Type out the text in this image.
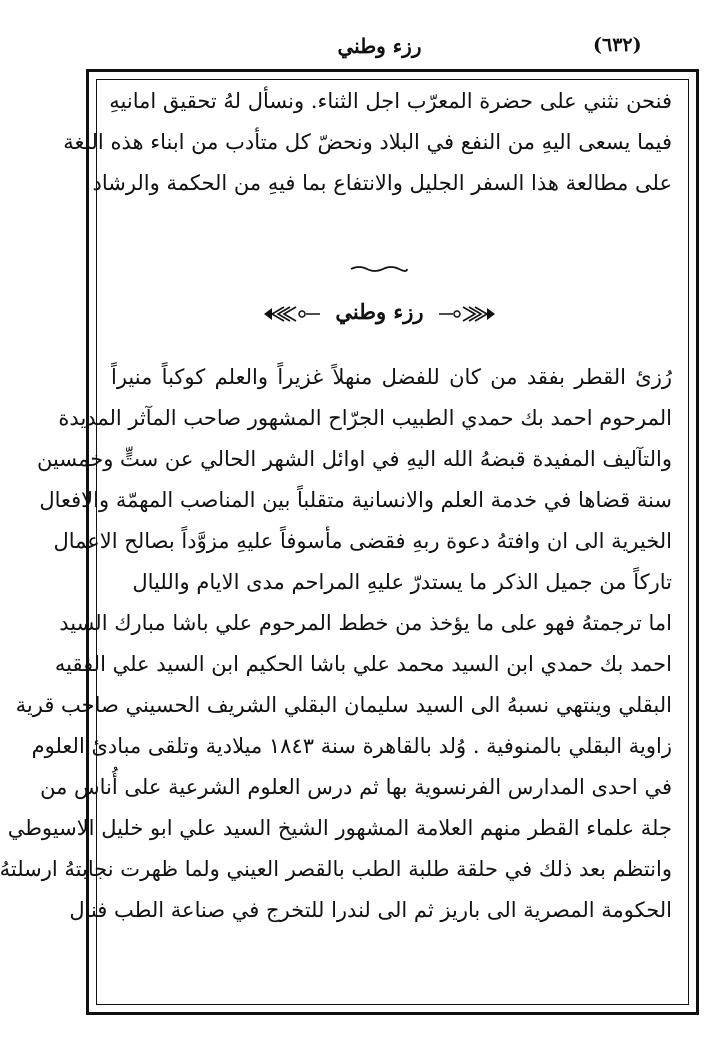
(٦٣٢)
رزء وطني
فنحن نثني على حضرة المعرّب اجل الثناء. ونسأل لهُ تحقيق امانيهِ
فيما يسعى اليهِ من النفع في البلاد ونحضّ كل متأدب من ابناء هذه اللغة
على مطالعة هذا السفر الجليل والانتفاع بما فيهِ من الحكمة والرشاد
رزء وطني
رُزئ القطر بفقد من كان للفضل منهلاً غزيراً والعلم كوكباً منيراً
المرحوم احمد بك حمدي الطبيب الجرّاح المشهور صاحب المآثر المديدة
والتآليف المفيدة قبضهُ الله اليهِ في اوائل الشهر الحالي عن ستٍّ وخمسين
سنة قضاها في خدمة العلم والانسانية متقلباً بين المناصب المهمّة والافعال
الخيرية الى ان وافتهُ دعوة ربهِ فقضى مأسوفاً عليهِ مزوَّداً بصالح الاعمال
تاركاً من جميل الذكر ما يستدرّ عليهِ المراحم مدى الايام والليال
اما ترجمتهُ فهو على ما يؤخذ من خطط المرحوم علي باشا مبارك السيد
احمد بك حمدي ابن السيد محمد علي باشا الحكيم ابن السيد علي الفقيه
البقلي وينتهي نسبهُ الى السيد سليمان البقلي الشريف الحسيني صاحب قرية
زاوية البقلي بالمنوفية . وُلد بالقاهرة سنة ١٨٤٣ ميلادية وتلقى مبادئ العلوم
في احدى المدارس الفرنسوية بها ثم درس العلوم الشرعية على أُناس من
جلة علماء القطر منهم العلامة المشهور الشيخ السيد علي ابو خليل الاسيوطي
وانتظم بعد ذلك في حلقة طلبة الطب بالقصر العيني ولما ظهرت نجابتهُ ارسلتهُ
الحكومة المصرية الى باريز ثم الى لندرا للتخرج في صناعة الطب فنال
